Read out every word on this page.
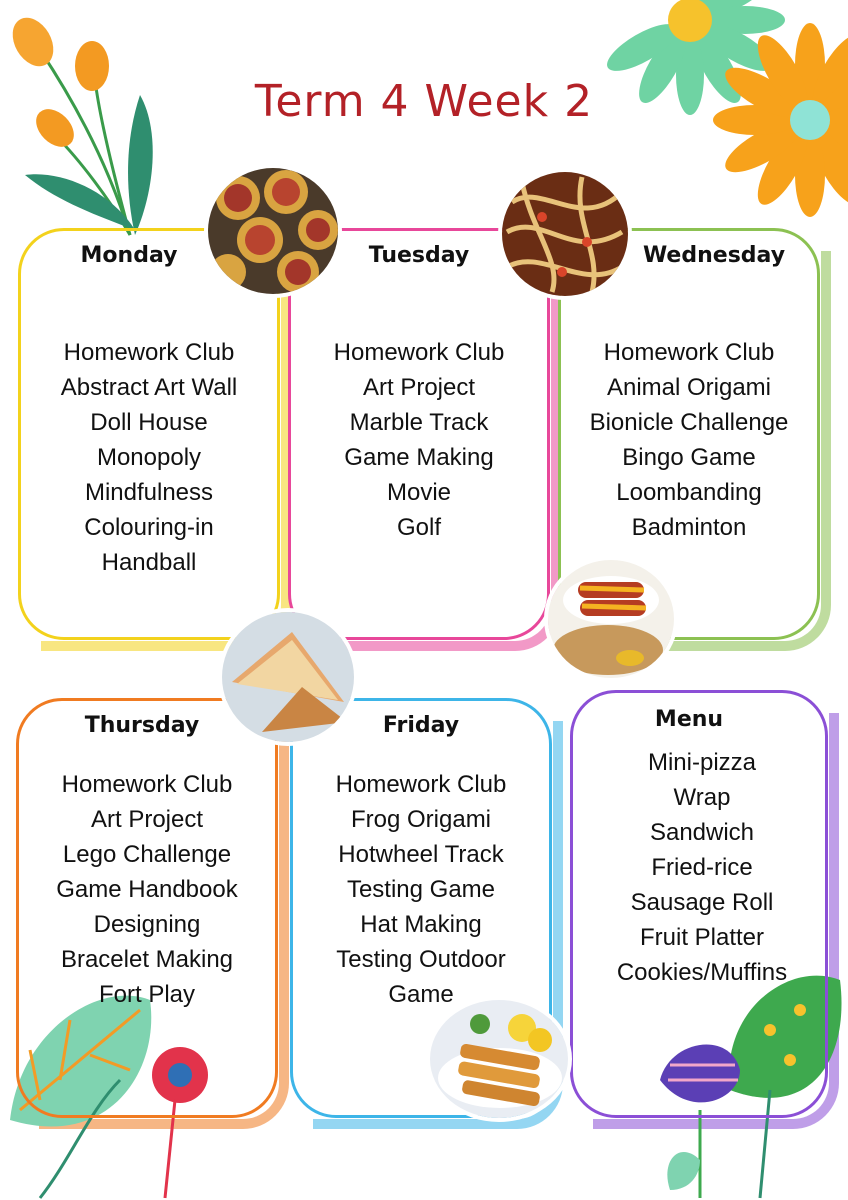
Term 4 Week 2
Monday
Homework Club
Abstract Art Wall
Doll House
Monopoly
Mindfulness
Colouring-in
Handball
Tuesday
Homework Club
Art Project
Marble Track
Game Making
Movie
Golf
Wednesday
Homework Club
Animal Origami
Bionicle Challenge
Bingo Game
Loombanding
Badminton
Thursday
Homework Club
Art Project
Lego Challenge
Game Handbook
Designing
Bracelet Making
Fort Play
Friday
Homework Club
Frog Origami
Hotwheel Track
Testing Game
Hat Making
Testing Outdoor
Game
Menu
Mini-pizza
Wrap
Sandwich
Fried-rice
Sausage Roll
Fruit Platter
Cookies/Muffins
